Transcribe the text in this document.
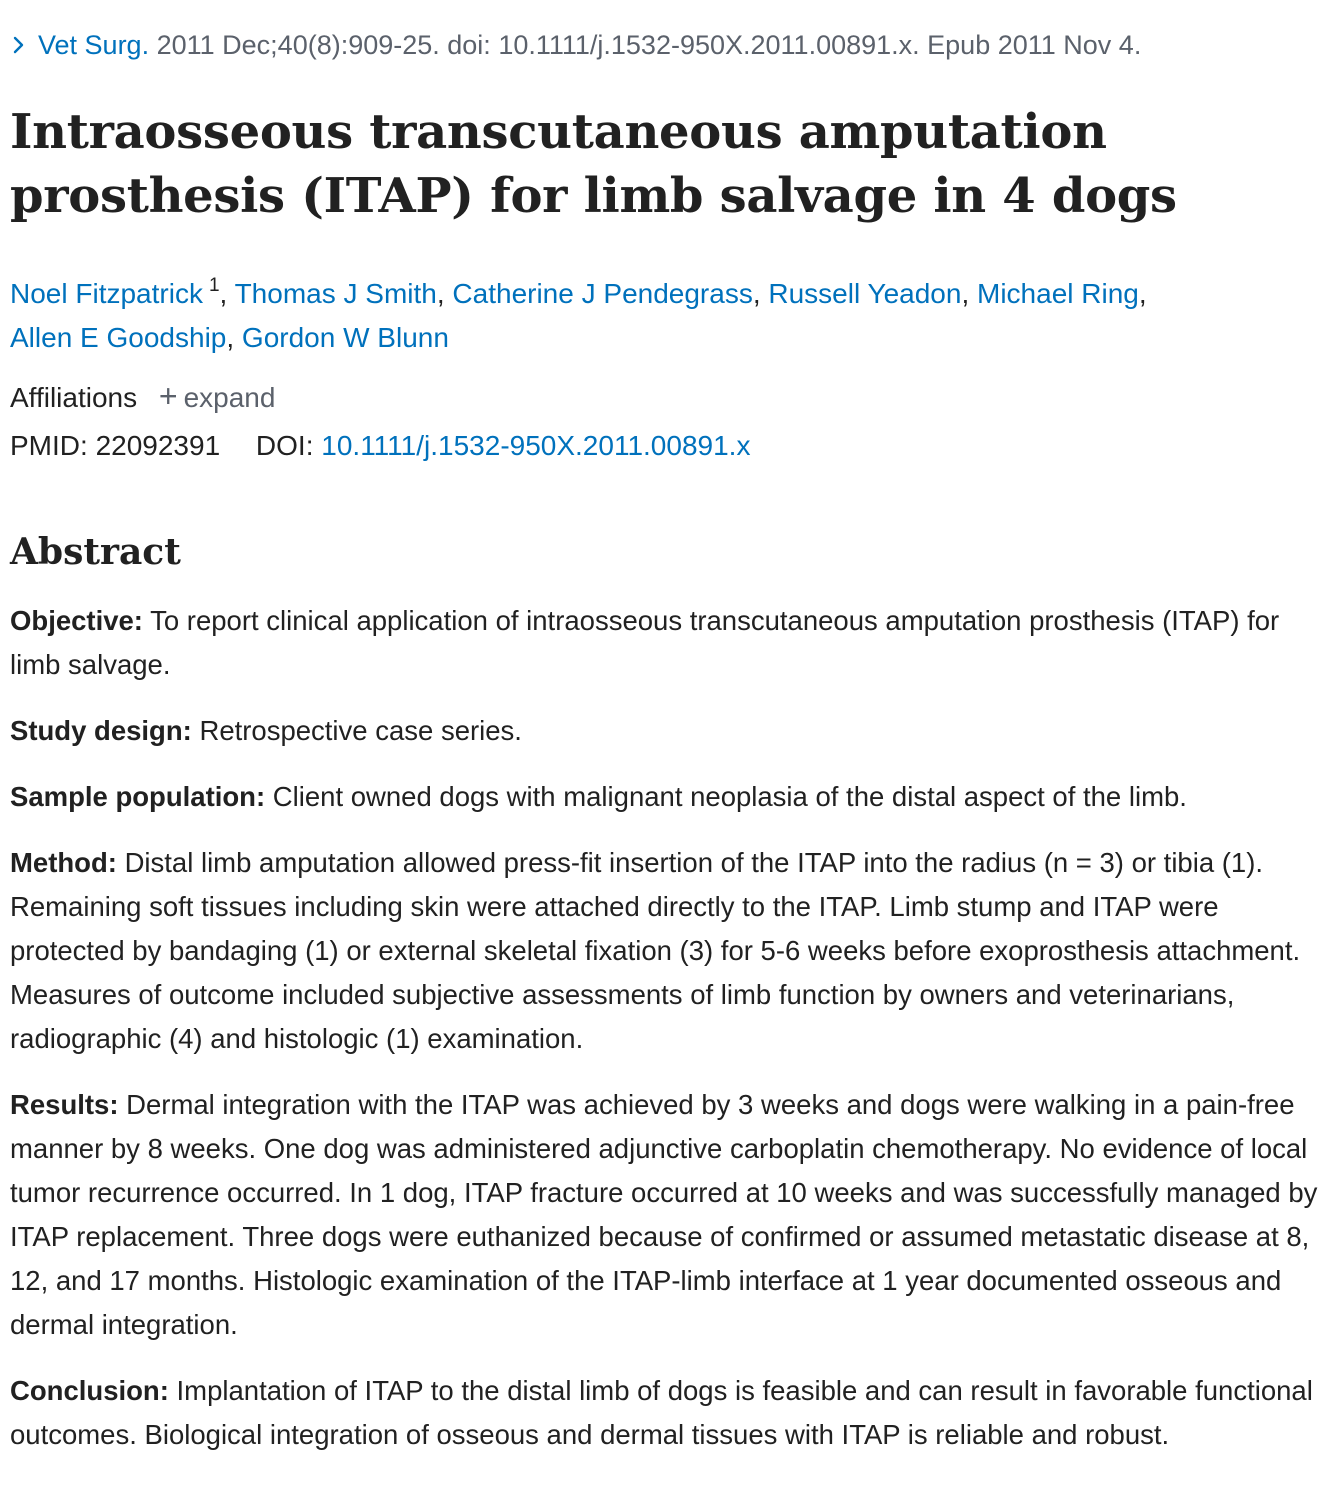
Vet Surg. 2011 Dec;40(8):909-25. doi: 10.1111/j.1532-950X.2011.00891.x. Epub 2011 Nov 4.
Intraosseous transcutaneous amputation prosthesis (ITAP) for limb salvage in 4 dogs
Noel Fitzpatrick $^1$, Thomas J Smith, Catherine J Pendegrass, Russell Yeadon, Michael Ring,
Allen E Goodship, Gordon W Blunn
Affiliations + expand
PMID: 22092391 DOI: 10.1111/j.1532-950X.2011.00891.x
Abstract

Objective: To report clinical application of intraosseous transcutaneous amputation prosthesis (ITAP) for limb salvage.

Study design: Retrospective case series.

Sample population: Client owned dogs with malignant neoplasia of the distal aspect of the limb.

Method: Distal limb amputation allowed press-fit insertion of the ITAP into the radius (n = 3) or tibia (1). Remaining soft tissues including skin were attached directly to the ITAP. Limb stump and ITAP were protected by bandaging (1) or external skeletal fixation (3) for 5-6 weeks before exoprosthesis attachment. Measures of outcome included subjective assessments of limb function by owners and veterinarians, radiographic (4) and histologic (1) examination.

Results: Dermal integration with the ITAP was achieved by 3 weeks and dogs were walking in a pain-free manner by 8 weeks. One dog was administered adjunctive carboplatin chemotherapy. No evidence of local tumor recurrence occurred. In 1 dog, ITAP fracture occurred at 10 weeks and was successfully managed by ITAP replacement. Three dogs were euthanized because of confirmed or assumed metastatic disease at 8, 12, and 17 months. Histologic examination of the ITAP-limb interface at 1 year documented osseous and dermal integration.

Conclusion: Implantation of ITAP to the distal limb of dogs is feasible and can result in favorable functional outcomes. Biological integration of osseous and dermal tissues with ITAP is reliable and robust.
